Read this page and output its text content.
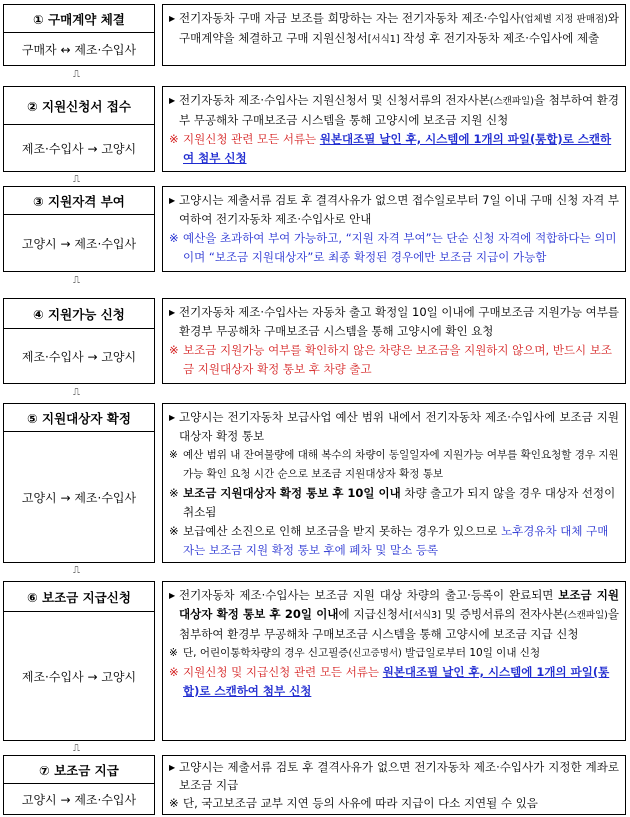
① 구매계약 체결
구매자 ↔ 제조·수입사
▶ 전기자동차 구매 자금 보조를 희망하는 자는 전기자동차 제조·수입사(업체별 지정 판매점)와 구매계약을 체결하고 구매 지원신청서[서식1] 작성 후 전기자동차 제조·수입사에 제출
⎍
② 지원신청서 접수
제조·수입사 → 고양시
▶ 전기자동차 제조·수입사는 지원신청서 및 신청서류의 전자사본(스캔파일)을 첨부하여 환경부 무공해차 구매보조금 시스템을 통해 고양시에 보조금 지원 신청
※ 지원신청 관련 모든 서류는 원본대조필 날인 후, 시스템에 1개의 파일(통합)로 스캔하여 첨부 신청
⎍
③ 지원자격 부여
고양시 → 제조·수입사
▶ 고양시는 제출서류 검토 후 결격사유가 없으면 접수일로부터 7일 이내 구매 신청 자격 부여하여 전기자동차 제조·수입사로 안내
※ 예산을 초과하여 부여 가능하고, “지원 자격 부여”는 단순 신청 자격에 적합하다는 의미이며 “보조금 지원대상자”로 최종 확정된 경우에만 보조금 지급이 가능함
⎍
④ 지원가능 신청
제조·수입사 → 고양시
▶ 전기자동차 제조·수입사는 자동차 출고 확정일 10일 이내에 구매보조금 지원가능 여부를 환경부 무공해차 구매보조금 시스템을 통해 고양시에 확인 요청
※ 보조금 지원가능 여부를 확인하지 않은 차량은 보조금을 지원하지 않으며, 반드시 보조금 지원대상자 확정 통보 후 차량 출고
⎍
⑤ 지원대상자 확정
고양시 → 제조·수입사
▶ 고양시는 전기자동차 보급사업 예산 범위 내에서 전기자동차 제조·수입사에 보조금 지원대상자 확정 통보
※ 예산 범위 내 잔여물량에 대해 복수의 차량이 동일일자에 지원가능 여부를 확인요청할 경우 지원가능 확인 요청 시간 순으로 보조금 지원대상자 확정 통보
※ 보조금 지원대상자 확정 통보 후 10일 이내 차량 출고가 되지 않을 경우 대상자 선정이 취소됨
※ 보급예산 소진으로 인해 보조금을 받지 못하는 경우가 있으므로 노후경유차 대체 구매자는 보조금 지원 확정 통보 후에 폐차 및 말소 등록
⎍
⑥ 보조금 지급신청
제조·수입사 → 고양시
▶ 전기자동차 제조·수입사는 보조금 지원 대상 차량의 출고·등록이 완료되면 보조금 지원대상자 확정 통보 후 20일 이내에 지급신청서[서식3] 및 증빙서류의 전자사본(스캔파일)을 첨부하여 환경부 무공해차 구매보조금 시스템을 통해 고양시에 보조금 지급 신청
※ 단, 어린이통학차량의 경우 신고필증(신고증명서) 발급일로부터 10일 이내 신청
※ 지원신청 및 지급신청 관련 모든 서류는 원본대조필 날인 후, 시스템에 1개의 파일(통합)로 스캔하여 첨부 신청
⎍
⑦ 보조금 지급
고양시 → 제조·수입사
▶ 고양시는 제출서류 검토 후 결격사유가 없으면 전기자동차 제조·수입사가 지정한 계좌로 보조금 지급
※ 단, 국고보조금 교부 지연 등의 사유에 따라 지급이 다소 지연될 수 있음
